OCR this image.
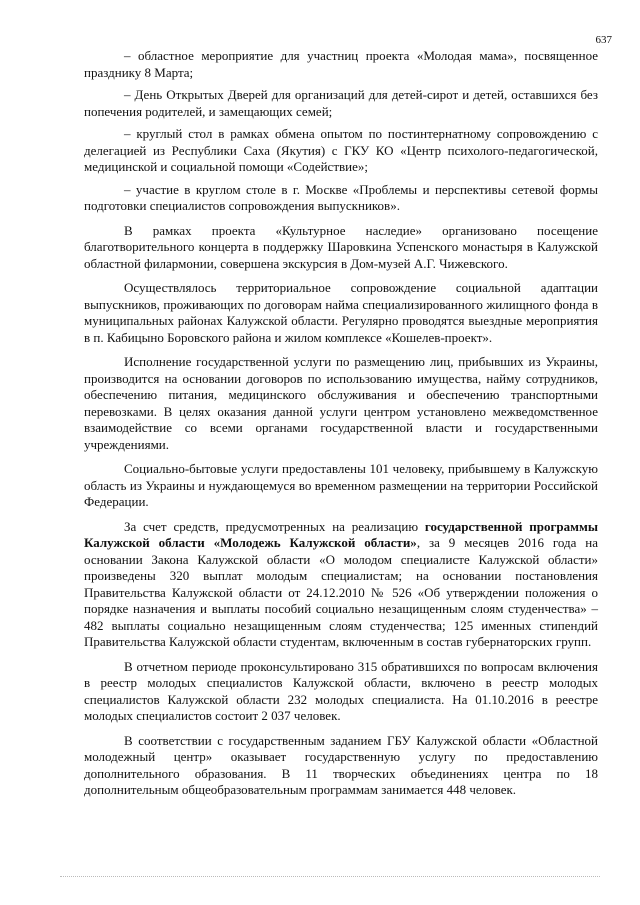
637

– областное мероприятие для участниц проекта «Молодая мама», посвященное празднику 8 Марта;

– День Открытых Дверей для организаций для детей-сирот и детей, оставшихся без попечения родителей, и замещающих семей;

– круглый стол в рамках обмена опытом по постинтернатному сопровождению с делегацией из Республики Саха (Якутия) с ГКУ КО «Центр психолого-педагогической, медицинской и социальной помощи «Содействие»;

– участие в круглом столе в г. Москве «Проблемы и перспективы сетевой формы подготовки специалистов сопровождения выпускников».

В рамках проекта «Культурное наследие» организовано посещение благотворительного концерта в поддержку Шаровкина Успенского монастыря в Калужской областной филармонии, совершена экскурсия в Дом-музей А.Г. Чижевского.

Осуществлялось территориальное сопровождение социальной адаптации выпускников, проживающих по договорам найма специализированного жилищного фонда в муниципальных районах Калужской области. Регулярно проводятся выездные мероприятия в п. Кабицыно Боровского района и жилом комплексе «Кошелев-проект».

Исполнение государственной услуги по размещению лиц, прибывших из Украины, производится на основании договоров по использованию имущества, найму сотрудников, обеспечению питания, медицинского обслуживания и обеспечению транспортными перевозками. В целях оказания данной услуги центром установлено межведомственное взаимодействие со всеми органами государственной власти и государственными учреждениями.

Социально-бытовые услуги предоставлены 101 человеку, прибывшему в Калужскую область из Украины и нуждающемуся во временном размещении на территории Российской Федерации.

За счет средств, предусмотренных на реализацию государственной программы Калужской области «Молодежь Калужской области», за 9 месяцев 2016 года на основании Закона Калужской области «О молодом специалисте Калужской области» произведены 320 выплат молодым специалистам; на основании постановления Правительства Калужской области от 24.12.2010 № 526 «Об утверждении положения о порядке назначения и выплаты пособий социально незащищенным слоям студенчества» – 482 выплаты социально незащищенным слоям студенчества; 125 именных стипендий Правительства Калужской области студентам, включенным в состав губернаторских групп.

В отчетном периоде проконсультировано 315 обратившихся по вопросам включения в реестр молодых специалистов Калужской области, включено в реестр молодых специалистов Калужской области 232 молодых специалиста. На 01.10.2016 в реестре молодых специалистов состоит 2 037 человек.

В соответствии с государственным заданием ГБУ Калужской области «Областной молодежный центр» оказывает государственную услугу по предоставлению дополнительного образования. В 11 творческих объединениях центра по 18 дополнительным общеобразовательным программам занимается 448 человек.
